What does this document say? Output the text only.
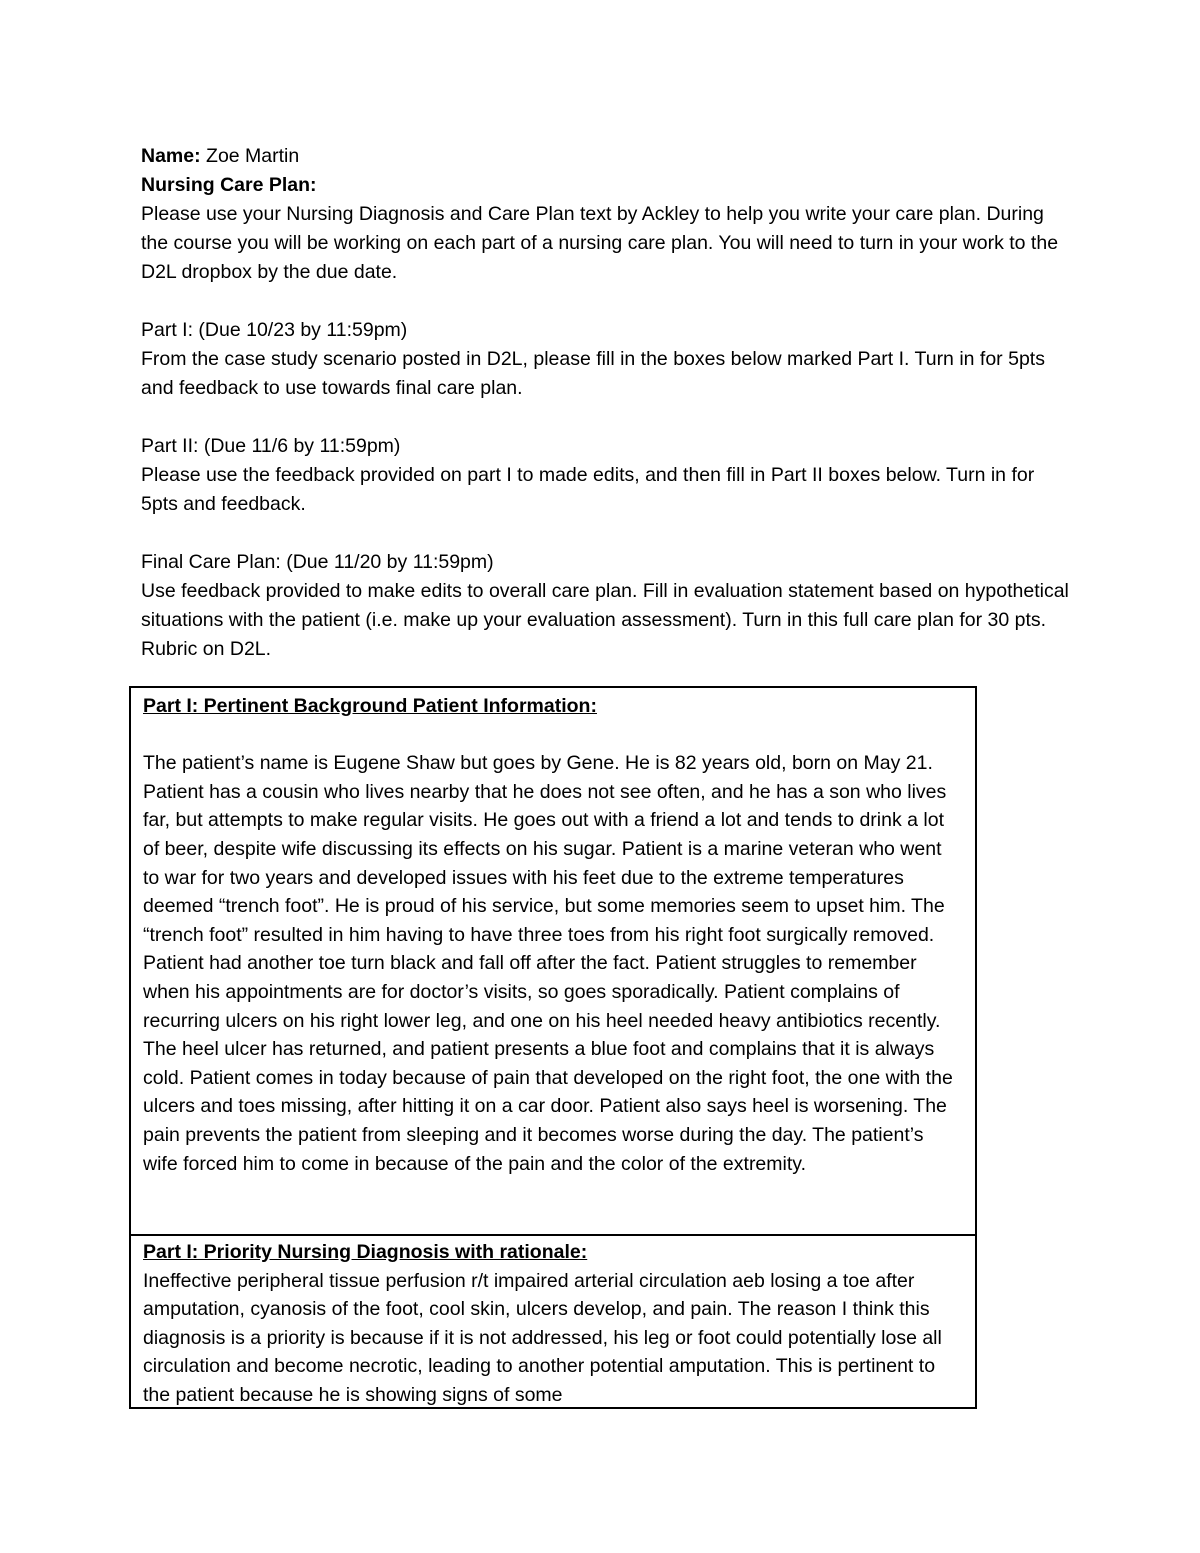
Name: Zoe Martin

Nursing Care Plan:

Please use your Nursing Diagnosis and Care Plan text by Ackley to help you write your care plan. During the course you will be working on each part of a nursing care plan. You will need to turn in your work to the D2L dropbox by the due date.

Part I: (Due 10/23 by 11:59pm)

From the case study scenario posted in D2L, please fill in the boxes below marked Part I. Turn in for 5pts and feedback to use towards final care plan.

Part II: (Due 11/6 by 11:59pm)

Please use the feedback provided on part I to made edits, and then fill in Part II boxes below. Turn in for 5pts and feedback.

Final Care Plan: (Due 11/20 by 11:59pm)

Use feedback provided to make edits to overall care plan. Fill in evaluation statement based on hypothetical situations with the patient (i.e. make up your evaluation assessment). Turn in this full care plan for 30 pts. Rubric on D2L.

Part I: Pertinent Background Patient Information:

The patient’s name is Eugene Shaw but goes by Gene. He is 82 years old, born on May 21. Patient has a cousin who lives nearby that he does not see often, and he has a son who lives far, but attempts to make regular visits. He goes out with a friend a lot and tends to drink a lot of beer, despite wife discussing its effects on his sugar. Patient is a marine veteran who went to war for two years and developed issues with his feet due to the extreme temperatures deemed “trench foot”. He is proud of his service, but some memories seem to upset him. The “trench foot” resulted in him having to have three toes from his right foot surgically removed. Patient had another toe turn black and fall off after the fact. Patient struggles to remember when his appointments are for doctor’s visits, so goes sporadically. Patient complains of recurring ulcers on his right lower leg, and one on his heel needed heavy antibiotics recently. The heel ulcer has returned, and patient presents a blue foot and complains that it is always cold. Patient comes in today because of pain that developed on the right foot, the one with the ulcers and toes missing, after hitting it on a car door. Patient also says heel is worsening. The pain prevents the patient from sleeping and it becomes worse during the day. The patient’s wife forced him to come in because of the pain and the color of the extremity.

Part I: Priority Nursing Diagnosis with rationale:

Ineffective peripheral tissue perfusion r/t impaired arterial circulation aeb losing a toe after amputation, cyanosis of the foot, cool skin, ulcers develop, and pain. The reason I think this diagnosis is a priority is because if it is not addressed, his leg or foot could potentially lose all circulation and become necrotic, leading to another potential amputation. This is pertinent to the patient because he is showing signs of some
